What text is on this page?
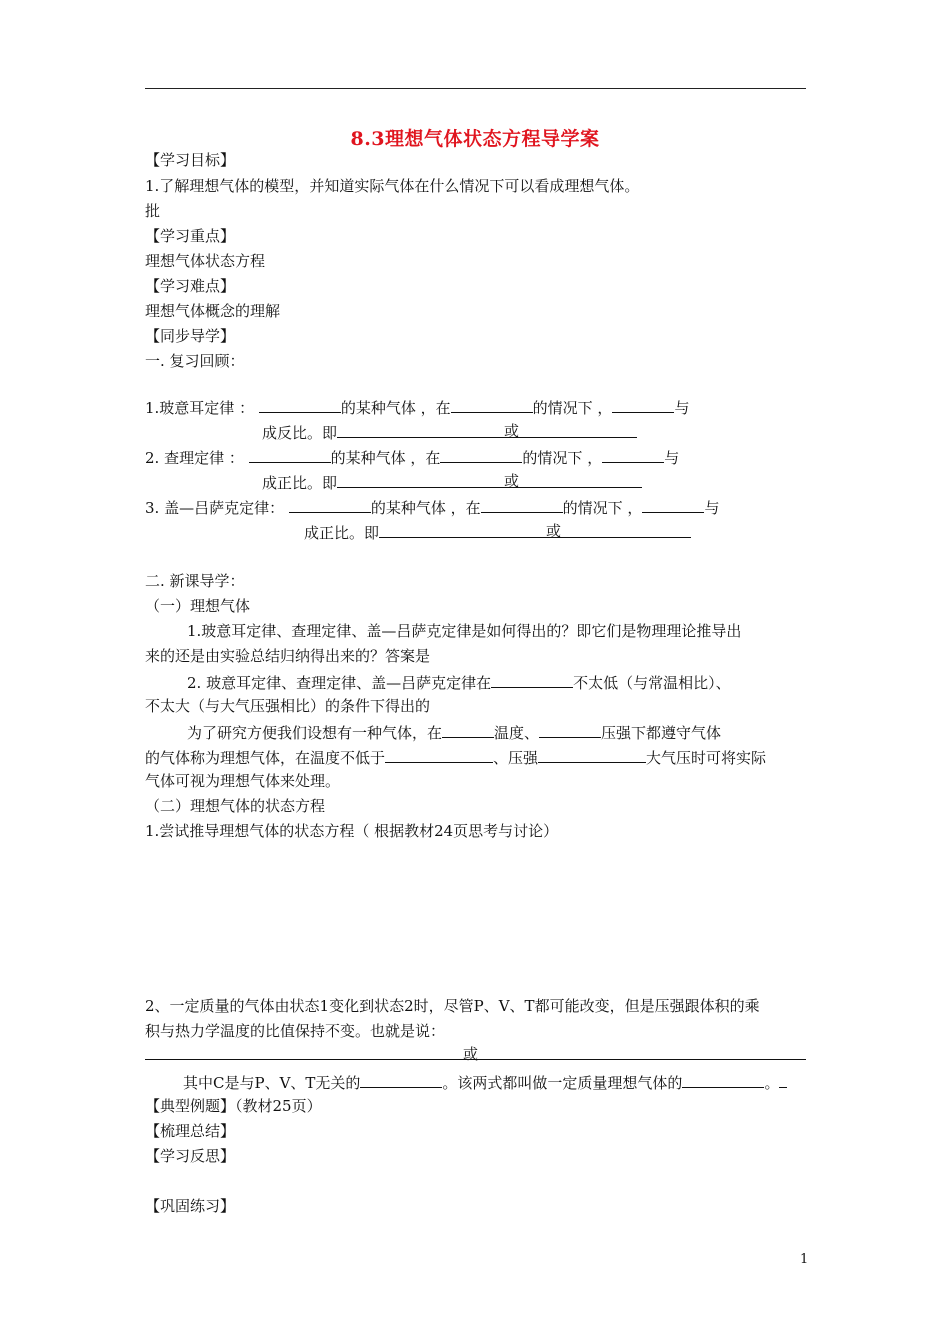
8.3理想气体状态方程导学案
【学习目标】
1.了解理想气体的模型，并知道实际气体在什么情况下可以看成理想气体。
批
【学习重点】
理想气体状态方程
【学习难点】
理想气体概念的理解
【同步导学】
一. 复习回顾：
1.玻意耳定律 ：	的某种气体 ，在	的情况下 ，	与
成反比。即	或
2. 查理定律 ：	的某种气体 ，在	的情况下 ，	与
成正比。即	或
3. 盖—吕萨克定律：	的某种气体 ，在	的情况下 ，	与
成正比。即	或
二. 新课导学：
（一）理想气体
1.玻意耳定律、查理定律、盖—吕萨克定律是如何得出的？即它们是物理理论推导出
来的还是由实验总结归纳得出来的？答案是
2. 玻意耳定律、查理定律、盖—吕萨克定律在	不太低（与常温相比）、
不太大（与大气压强相比）的条件下得出的
为了研究方便我们设想有一种气体，在	温度、	压强下都遵守气体
的气体称为理想气体，在温度不低于	、压强	大气压时可将实际
气体可视为理想气体来处理。
（二）理想气体的状态方程
1.尝试推导理想气体的状态方程（ 根据教材24页思考与讨论）
2、一定质量的气体由状态1变化到状态2时，尽管P、V、T都可能改变，但是压强跟体积的乘
积与热力学温度的比值保持不变。也就是说：
或
其中C是与P、V、T无关的	。该两式都叫做一定质量理想气体的	。
【典型例题】（教材25页）
【梳理总结】
【学习反思】
【巩固练习】
1
